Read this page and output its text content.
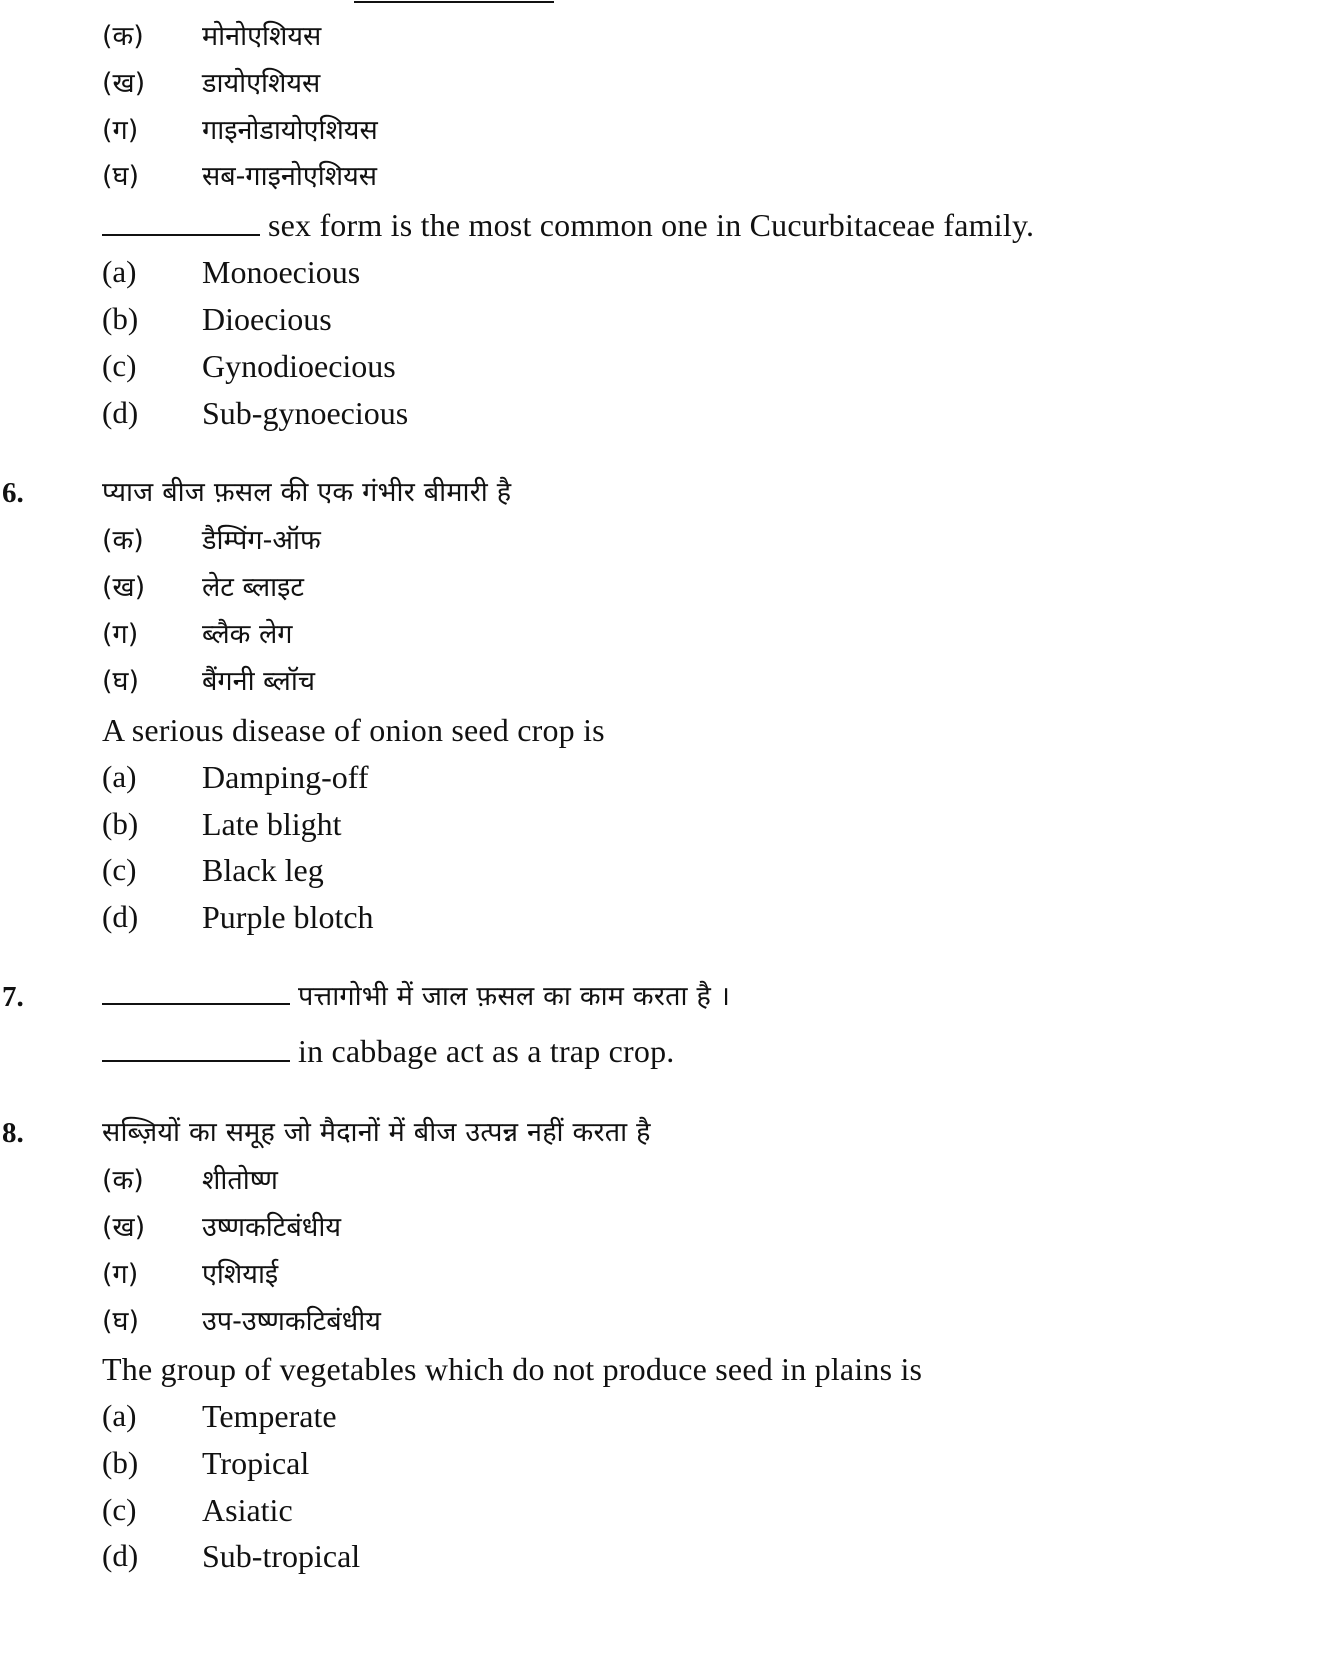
(क) मोनोएशियस
(ख) डायोएशियस
(ग) गाइनोडायोएशियस
(घ) सब-गाइनोएशियस
sex form is the most common one in Cucurbitaceae family.
(a) Monoecious
(b) Dioecious
(c) Gynodioecious
(d) Sub-gynoecious
6.	प्याज बीज फ़सल की एक गंभीर बीमारी है
(क) डैम्पिंग-ऑफ
(ख) लेट ब्लाइट
(ग) ब्लैक लेग
(घ) बैंगनी ब्लॉच
A serious disease of onion seed crop is
(a) Damping-off
(b) Late blight
(c) Black leg
(d) Purple blotch
7.	पत्तागोभी में जाल फ़सल का काम करता है ।
in cabbage act as a trap crop.
8.	सब्ज़ियों का समूह जो मैदानों में बीज उत्पन्न नहीं करता है
(क) शीतोष्ण
(ख) उष्णकटिबंधीय
(ग) एशियाई
(घ) उप-उष्णकटिबंधीय
The group of vegetables which do not produce seed in plains is
(a) Temperate
(b) Tropical
(c) Asiatic
(d) Sub-tropical
